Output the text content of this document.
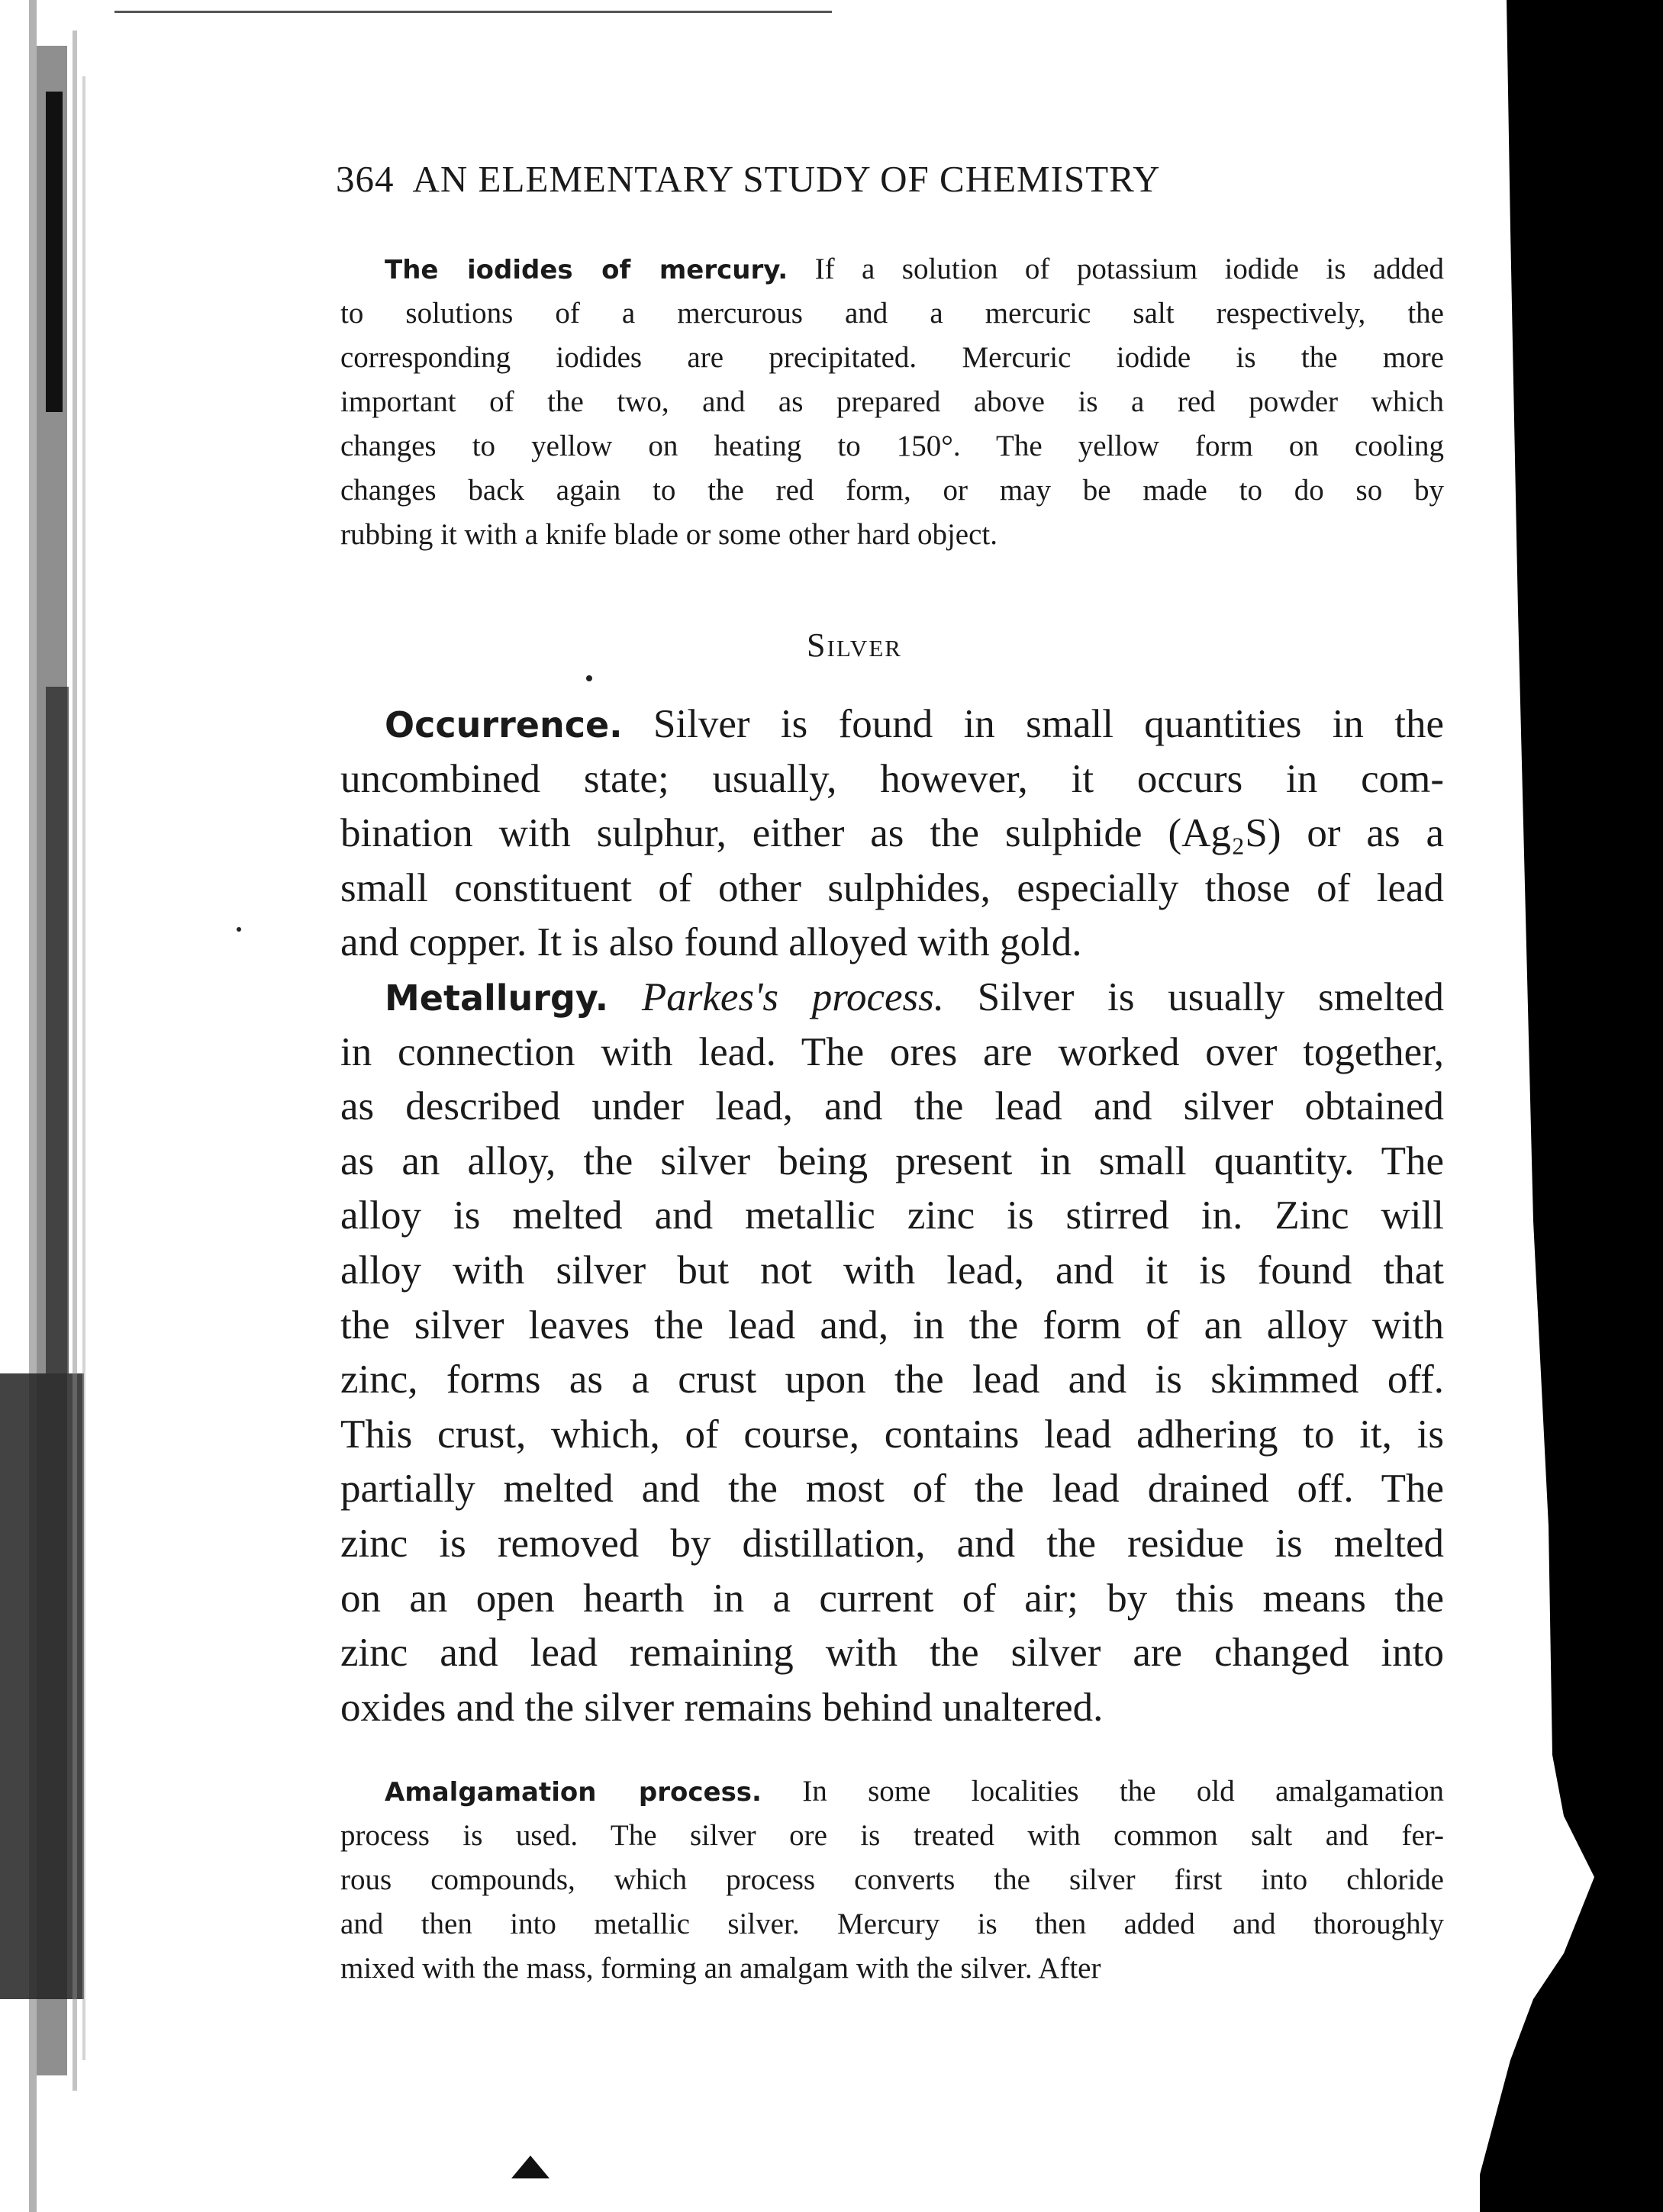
364 AN ELEMENTARY STUDY OF CHEMISTRY
The iodides of mercury. If a solution of potassium iodide is added
to solutions of a mercurous and a mercuric salt respectively, the
corresponding iodides are precipitated. Mercuric iodide is the more
important of the two, and as prepared above is a red powder which
changes to yellow on heating to 150°. The yellow form on cooling
changes back again to the red form, or may be made to do so by
rubbing it with a knife blade or some other hard object.
Silver
Occurrence. Silver is found in small quantities in the
uncombined state; usually, however, it occurs in com-
bination with sulphur, either as the sulphide (Ag₂S) or as a
small constituent of other sulphides, especially those of lead
and copper. It is also found alloyed with gold.
Metallurgy. Parkes's process. Silver is usually smelted
in connection with lead. The ores are worked over together,
as described under lead, and the lead and silver obtained
as an alloy, the silver being present in small quantity. The
alloy is melted and metallic zinc is stirred in. Zinc will
alloy with silver but not with lead, and it is found that
the silver leaves the lead and, in the form of an alloy with
zinc, forms as a crust upon the lead and is skimmed off.
This crust, which, of course, contains lead adhering to it, is
partially melted and the most of the lead drained off. The
zinc is removed by distillation, and the residue is melted
on an open hearth in a current of air; by this means the
zinc and lead remaining with the silver are changed into
oxides and the silver remains behind unaltered.
Amalgamation process. In some localities the old amalgamation
process is used. The silver ore is treated with common salt and fer-
rous compounds, which process converts the silver first into chloride
and then into metallic silver. Mercury is then added and thoroughly
mixed with the mass, forming an amalgam with the silver. After
